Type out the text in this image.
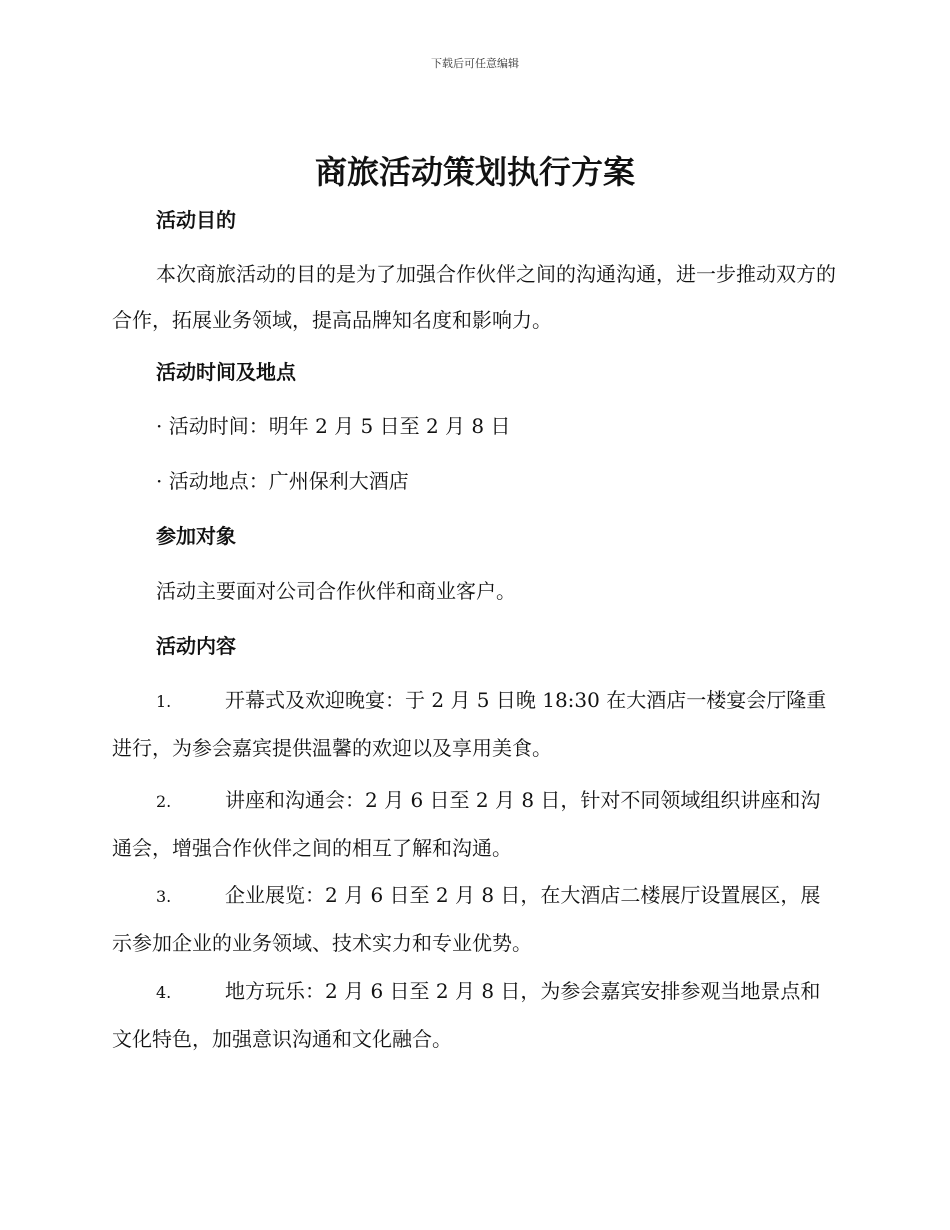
下载后可任意编辑
商旅活动策划执行方案
活动目的

本次商旅活动的目的是为了加强合作伙伴之间的沟通沟通，进一步推动双方的合作，拓展业务领域，提高品牌知名度和影响力。

活动时间及地点

· 活动时间：明年 2 月 5 日至 2 月 8 日

· 活动地点：广州保利大酒店

参加对象

活动主要面对公司合作伙伴和商业客户。

活动内容

1.	开幕式及欢迎晚宴：于 2 月 5 日晚 18:30 在大酒店一楼宴会厅隆重进行，为参会嘉宾提供温馨的欢迎以及享用美食。

2.	讲座和沟通会：2 月 6 日至 2 月 8 日，针对不同领域组织讲座和沟通会，增强合作伙伴之间的相互了解和沟通。

3.	企业展览：2 月 6 日至 2 月 8 日，在大酒店二楼展厅设置展区，展示参加企业的业务领域、技术实力和专业优势。

4.	地方玩乐：2 月 6 日至 2 月 8 日，为参会嘉宾安排参观当地景点和文化特色，加强意识沟通和文化融合。
